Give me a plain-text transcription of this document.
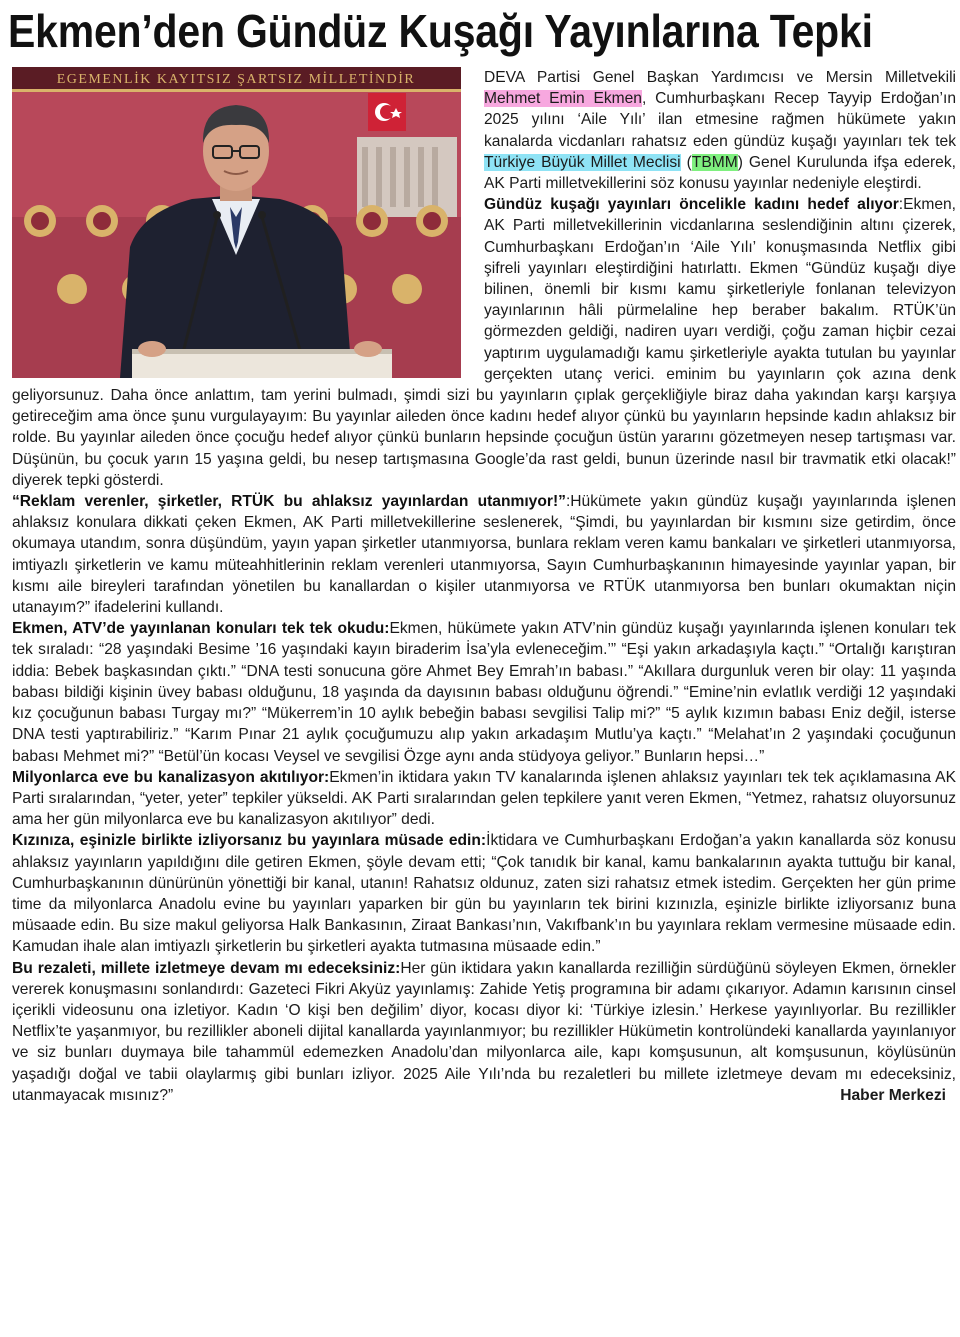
Ekmen’den Gündüz Kuşağı Yayınlarına Tepki
EGEMENLİK KAYITSIZ ŞARTSIZ MİLLETİNDİR	DEVA Partisi Genel Başkan Yardımcısı ve Mersin Milletvekili Mehmet Emin Ekmen, Cumhurbaşkanı Recep Tayyip Erdoğan’ın 2025 yılını ‘Aile Yılı’ ilan etmesine rağmen hükümete yakın kanalarda vicdanları rahatsız eden gündüz kuşağı yayınları tek tek Türkiye Büyük Millet Meclisi (TBMM) Genel Kurulunda ifşa ederek, AK Parti milletvekillerini söz konusu yayınlar nedeniyle eleştirdi.

Gündüz kuşağı yayınları öncelikle kadını hedef alıyor:Ekmen, AK Parti milletvekillerinin vicdanlarına seslendiğinin altını çizerek, Cumhurbaşkanı Erdoğan’ın ‘Aile Yılı’ konuşmasında Netflix gibi şifreli yayınları eleştirdiğini hatırlattı. Ekmen “Gündüz kuşağı diye bilinen, önemli bir kısmı kamu şirketleriyle fonlanan televizyon yayınlarının hâli pürmelaline hep beraber bakalım. RTÜK’ün görmezden geldiği, nadiren uyarı verdiği, çoğu zaman hiçbir cezai yaptırım uygulamadığı kamu şirketleriyle ayakta tutulan bu yayınlar gerçekten utanç verici. eminim bu yayınların çok azına denk geliyorsunuz. Daha önce anlattım, tam yerini bulmadı, şimdi sizi bu yayınların çıplak gerçekliğiyle biraz daha yakından karşı karşıya getireceğim ama önce şunu vurgulayayım: Bu yayınlar aileden önce kadını hedef alıyor çünkü bu yayınların hepsinde kadın ahlaksız bir rolde. Bu yayınlar aileden önce çocuğu hedef alıyor çünkü bunların hepsinde çocuğun üstün yararını gözetmeyen nesep tartışması var. Düşünün, bu çocuk yarın 15 yaşına geldi, bu nesep tartışmasına Google’da rast geldi, bunun üzerinde nasıl bir travmatik etki olacak!” diyerek tepki gösterdi.

“Reklam verenler, şirketler, RTÜK bu ahlaksız yayınlardan utanmıyor!”:Hükümete yakın gündüz kuşağı yayınlarında işlenen ahlaksız konulara dikkati çeken Ekmen, AK Parti milletvekillerine seslenerek, “Şimdi, bu yayınlardan bir kısmını size getirdim, önce okumaya utandım, sonra düşündüm, yayın yapan şirketler utanmıyorsa, bunlara reklam veren kamu bankaları ve şirketleri utanmıyorsa, imtiyazlı şirketlerin ve kamu müteahhitlerinin reklam verenleri utanmıyorsa, Sayın Cumhurbaşkanının himayesinde yayınlar yapan, bir kısmı aile bireyleri tarafından yönetilen bu kanallardan o kişiler utanmıyorsa ve RTÜK utanmıyorsa ben bunları okumaktan niçin utanayım?” ifadelerini kullandı.

Ekmen, ATV’de yayınlanan konuları tek tek okudu:Ekmen, hükümete yakın ATV’nin gündüz kuşağı yayınlarında işlenen konuları tek tek sıraladı: “28 yaşındaki Besime ’16 yaşındaki kayın biraderim İsa’yla evleneceğim.’” “Eşi yakın arkadaşıyla kaçtı.” “Ortalığı karıştıran iddia: Bebek başkasından çıktı.” “DNA testi sonucuna göre Ahmet Bey Emrah’ın babası.” “Akıllara durgunluk veren bir olay: 11 yaşında babası bildiği kişinin üvey babası olduğunu, 18 yaşında da dayısının babası olduğunu öğrendi.” “Emine’nin evlatlık verdiği 12 yaşındaki kız çocuğunun babası Turgay mı?” “Mükerrem’in 10 aylık bebeğin babası sevgilisi Talip mi?” “5 aylık kızımın babası Eniz değil, isterse DNA testi yaptırabiliriz.” “Karım Pınar 21 aylık çocuğumuzu alıp yakın arkadaşım Mutlu’ya kaçtı.” “Melahat’ın 2 yaşındaki çocuğunun babası Mehmet mi?” “Betül’ün kocası Veysel ve sevgilisi Özge aynı anda stüdyoya geliyor.” Bunların hepsi…”

Milyonlarca eve bu kanalizasyon akıtılıyor:Ekmen’in iktidara yakın TV kanalarında işlenen ahlaksız yayınları tek tek açıklamasına AK Parti sıralarından, “yeter, yeter” tepkiler yükseldi. AK Parti sıralarından gelen tepkilere yanıt veren Ekmen, “Yetmez, rahatsız oluyorsunuz ama her gün milyonlarca eve bu kanalizasyon akıtılıyor” dedi.

Kızınıza, eşinizle birlikte izliyorsanız bu yayınlara müsade edin:İktidara ve Cumhurbaşkanı Erdoğan’a yakın kanallarda söz konusu ahlaksız yayınların yapıldığını dile getiren Ekmen, şöyle devam etti; “Çok tanıdık bir kanal, kamu bankalarının ayakta tuttuğu bir kanal, Cumhurbaşkanının dünürünün yönettiği bir kanal, utanın! Rahatsız oldunuz, zaten sizi rahatsız etmek istedim. Gerçekten her gün prime time da milyonlarca Anadolu evine bu yayınları yaparken bir gün bu yayınların tek birini kızınızla, eşinizle birlikte izliyorsanız buna müsaade edin. Bu size makul geliyorsa Halk Bankasının, Ziraat Bankası’nın, Vakıfbank’ın bu yayınlara reklam vermesine müsaade edin. Kamudan ihale alan imtiyazlı şirketlerin bu şirketleri ayakta tutmasına müsaade edin.”

Bu rezaleti, millete izletmeye devam mı edeceksiniz:Her gün iktidara yakın kanallarda rezilliğin sürdüğünü söyleyen Ekmen, örnekler vererek konuşmasını sonlandırdı: Gazeteci Fikri Akyüz yayınlamış: Zahide Yetiş programına bir adamı çıkarıyor. Adamın karısının cinsel içerikli videosunu ona izletiyor. Kadın ‘O kişi ben değilim’ diyor, kocası diyor ki: ‘Türkiye izlesin.’ Herkese yayınlıyorlar. Bu rezillikler Netflix’te yaşanmıyor, bu rezillikler aboneli dijital kanallarda yayınlanmıyor; bu rezillikler Hükümetin kontrolündeki kanallarda yayınlanıyor ve siz bunları duymaya bile tahammül edemezken Anadolu’dan milyonlarca aile, kapı komşusunun, alt komşusunun, köylüsünün yaşadığı doğal ve tabii olaylarmış gibi bunları izliyor. 2025 Aile Yılı’nda bu rezaletleri bu millete izletmeye devam mı edeceksiniz, utanmayacak mısınız?”	Haber Merkezi
